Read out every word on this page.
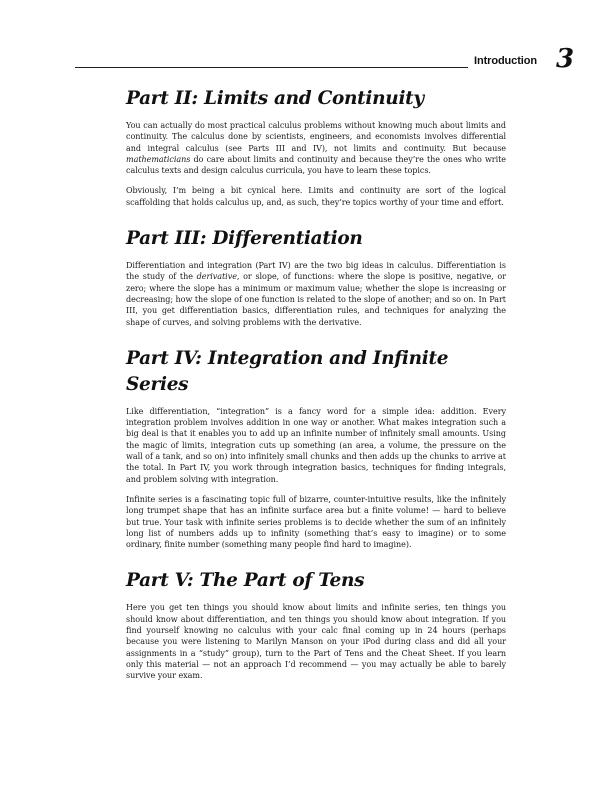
Introduction 3
Part II: Limits and Continuity

You can actually do most practical calculus problems without knowing much about limits and continuity. The calculus done by scientists, engineers, and economists involves differential and integral calculus (see Parts III and IV), not limits and continuity. But because mathematicians do care about limits and continuity and because they’re the ones who write calculus texts and design calculus curricula, you have to learn these topics.

Obviously, I’m being a bit cynical here. Limits and continuity are sort of the logical scaffolding that holds calculus up, and, as such, they’re topics worthy of your time and effort.

Part III: Differentiation

Differentiation and integration (Part IV) are the two big ideas in calculus. Differentiation is the study of the derivative, or slope, of functions: where the slope is positive, negative, or zero; where the slope has a minimum or maximum value; whether the slope is increasing or decreasing; how the slope of one function is related to the slope of another; and so on. In Part III, you get differentiation basics, differentiation rules, and techniques for analyzing the shape of curves, and solving problems with the derivative.

Part IV: Integration and Infinite Series

Like differentiation, “integration” is a fancy word for a simple idea: addition. Every integration problem involves addition in one way or another. What makes integration such a big deal is that it enables you to add up an infinite number of infinitely small amounts. Using the magic of limits, integration cuts up something (an area, a volume, the pressure on the wall of a tank, and so on) into infinitely small chunks and then adds up the chunks to arrive at the total. In Part IV, you work through integration basics, techniques for finding integrals, and problem solving with integration.

Infinite series is a fascinating topic full of bizarre, counter-intuitive results, like the infinitely long trumpet shape that has an infinite surface area but a finite volume! — hard to believe but true. Your task with infinite series problems is to decide whether the sum of an infinitely long list of numbers adds up to infinity (something that’s easy to imagine) or to some ordinary, finite number (something many people find hard to imagine).

Part V: The Part of Tens

Here you get ten things you should know about limits and infinite series, ten things you should know about differentiation, and ten things you should know about integration. If you find yourself knowing no calculus with your calc final coming up in 24 hours (perhaps because you were listening to Marilyn Manson on your iPod during class and did all your assignments in a “study” group), turn to the Part of Tens and the Cheat Sheet. If you learn only this material — not an approach I’d recommend — you may actually be able to barely survive your exam.
